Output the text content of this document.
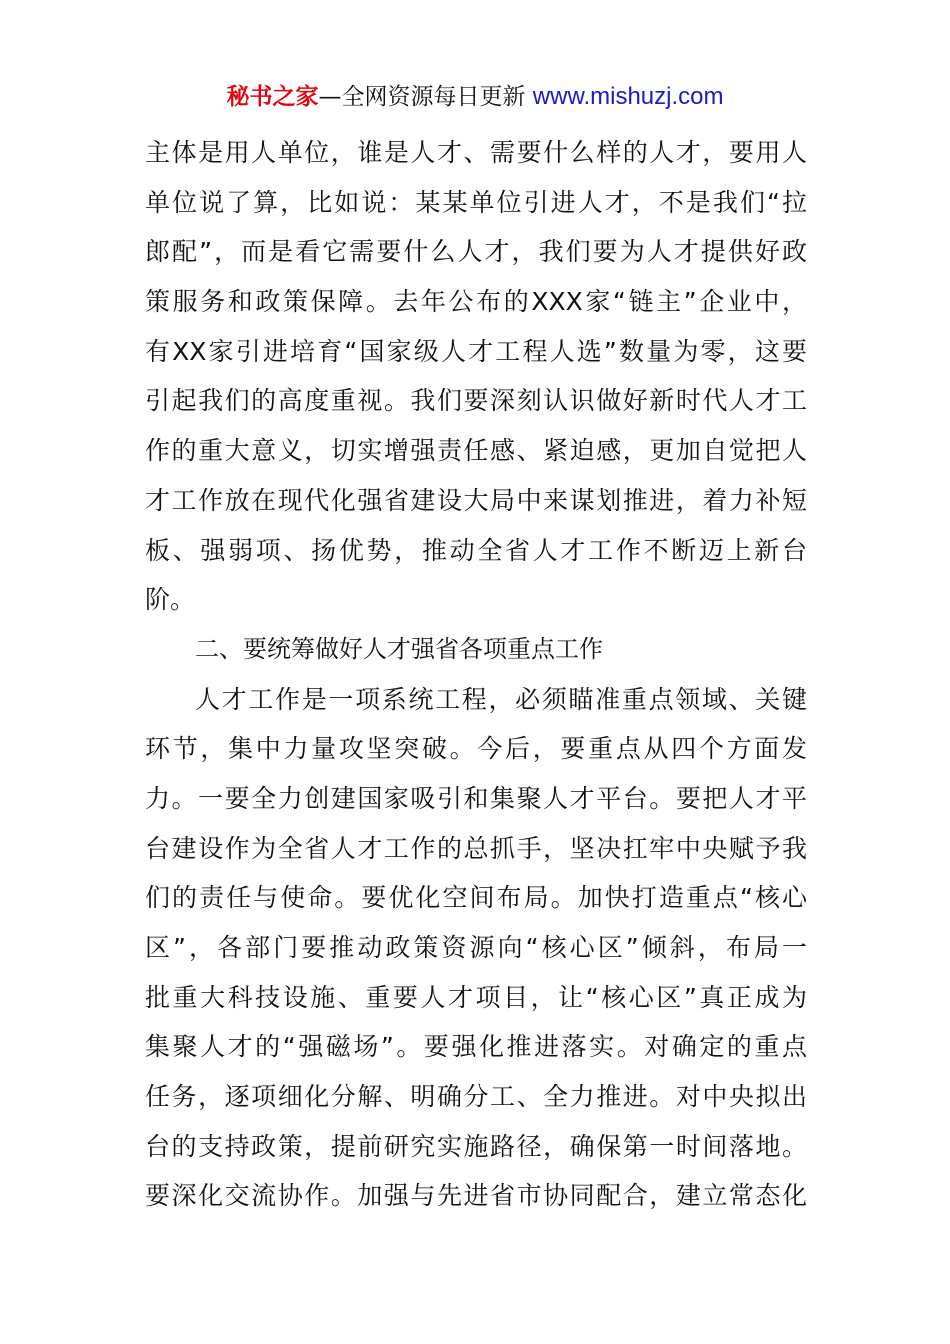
秘书之家—全网资源每日更新 www.mishuzj.com
主体是用人单位，谁是人才、需要什么样的人才，要用人
单位说了算，比如说：某某单位引进人才，不是我们“拉
郎配”，而是看它需要什么人才，我们要为人才提供好政
策服务和政策保障。去年公布的XXX家“链主”企业中，
有XX家引进培育“国家级人才工程人选”数量为零，这要
引起我们的高度重视。我们要深刻认识做好新时代人才工
作的重大意义，切实增强责任感、紧迫感，更加自觉把人
才工作放在现代化强省建设大局中来谋划推进，着力补短
板、强弱项、扬优势，推动全省人才工作不断迈上新台
阶。
二、要统筹做好人才强省各项重点工作
人才工作是一项系统工程，必须瞄准重点领域、关键
环节，集中力量攻坚突破。今后，要重点从四个方面发
力。一要全力创建国家吸引和集聚人才平台。要把人才平
台建设作为全省人才工作的总抓手，坚决扛牢中央赋予我
们的责任与使命。要优化空间布局。加快打造重点“核心
区”，各部门要推动政策资源向“核心区”倾斜，布局一
批重大科技设施、重要人才项目，让“核心区”真正成为
集聚人才的“强磁场”。要强化推进落实。对确定的重点
任务，逐项细化分解、明确分工、全力推进。对中央拟出
台的支持政策，提前研究实施路径，确保第一时间落地。
要深化交流协作。加强与先进省市协同配合，建立常态化
